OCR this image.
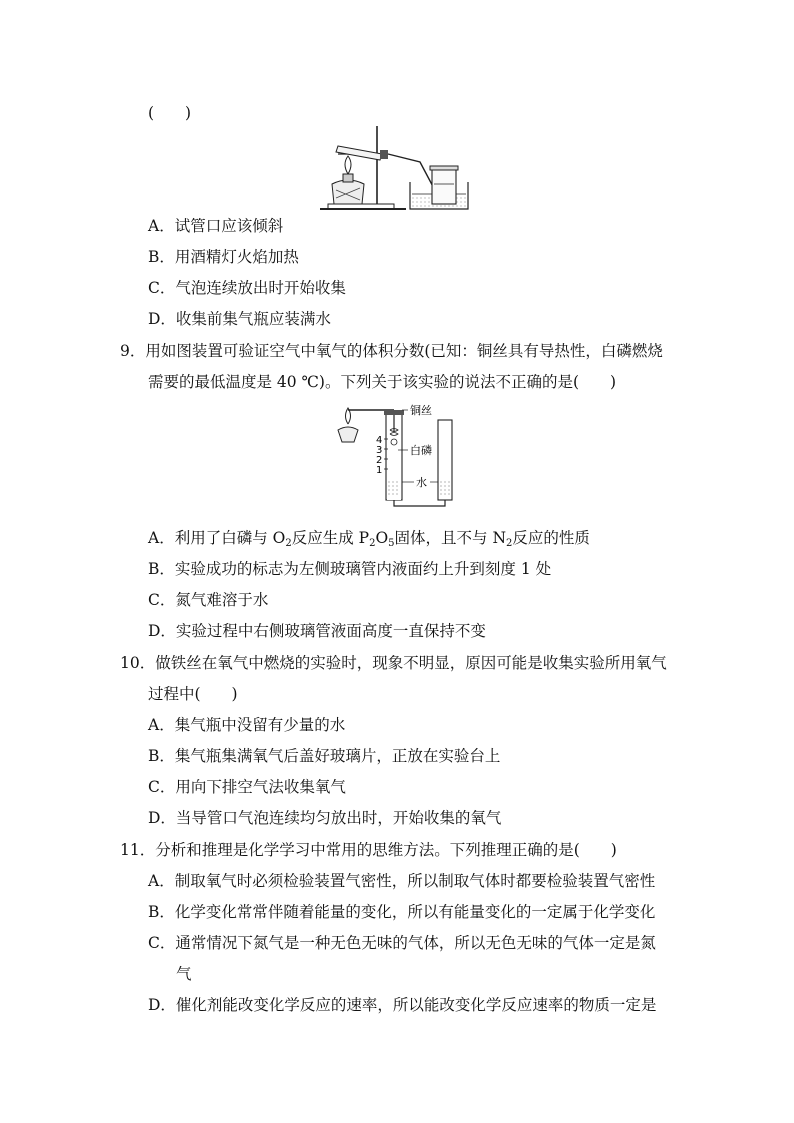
(　　)
A．试管口应该倾斜
B．用酒精灯火焰加热
C．气泡连续放出时开始收集
D．收集前集气瓶应装满水
9．用如图装置可验证空气中氧气的体积分数(已知：铜丝具有导热性，白磷燃烧
需要的最低温度是 40 ℃)。下列关于该实验的说法不正确的是(　　)
铜丝
白磷
水
4
3
2
1
A．利用了白磷与 $O_2$反应生成 $P_2O_5$固体，且不与 $N_2$反应的性质
B．实验成功的标志为左侧玻璃管内液面约上升到刻度 1 处
C．氮气难溶于水
D．实验过程中右侧玻璃管液面高度一直保持不变
10．做铁丝在氧气中燃烧的实验时，现象不明显，原因可能是收集实验所用氧气
过程中(　　)
A．集气瓶中没留有少量的水
B．集气瓶集满氧气后盖好玻璃片，正放在实验台上
C．用向下排空气法收集氧气
D．当导管口气泡连续均匀放出时，开始收集的氧气
11．分析和推理是化学学习中常用的思维方法。下列推理正确的是(　　)
A．制取氧气时必须检验装置气密性，所以制取气体时都要检验装置气密性
B．化学变化常常伴随着能量的变化，所以有能量变化的一定属于化学变化
C．通常情况下氮气是一种无色无味的气体，所以无色无味的气体一定是氮
气
D．催化剂能改变化学反应的速率，所以能改变化学反应速率的物质一定是
